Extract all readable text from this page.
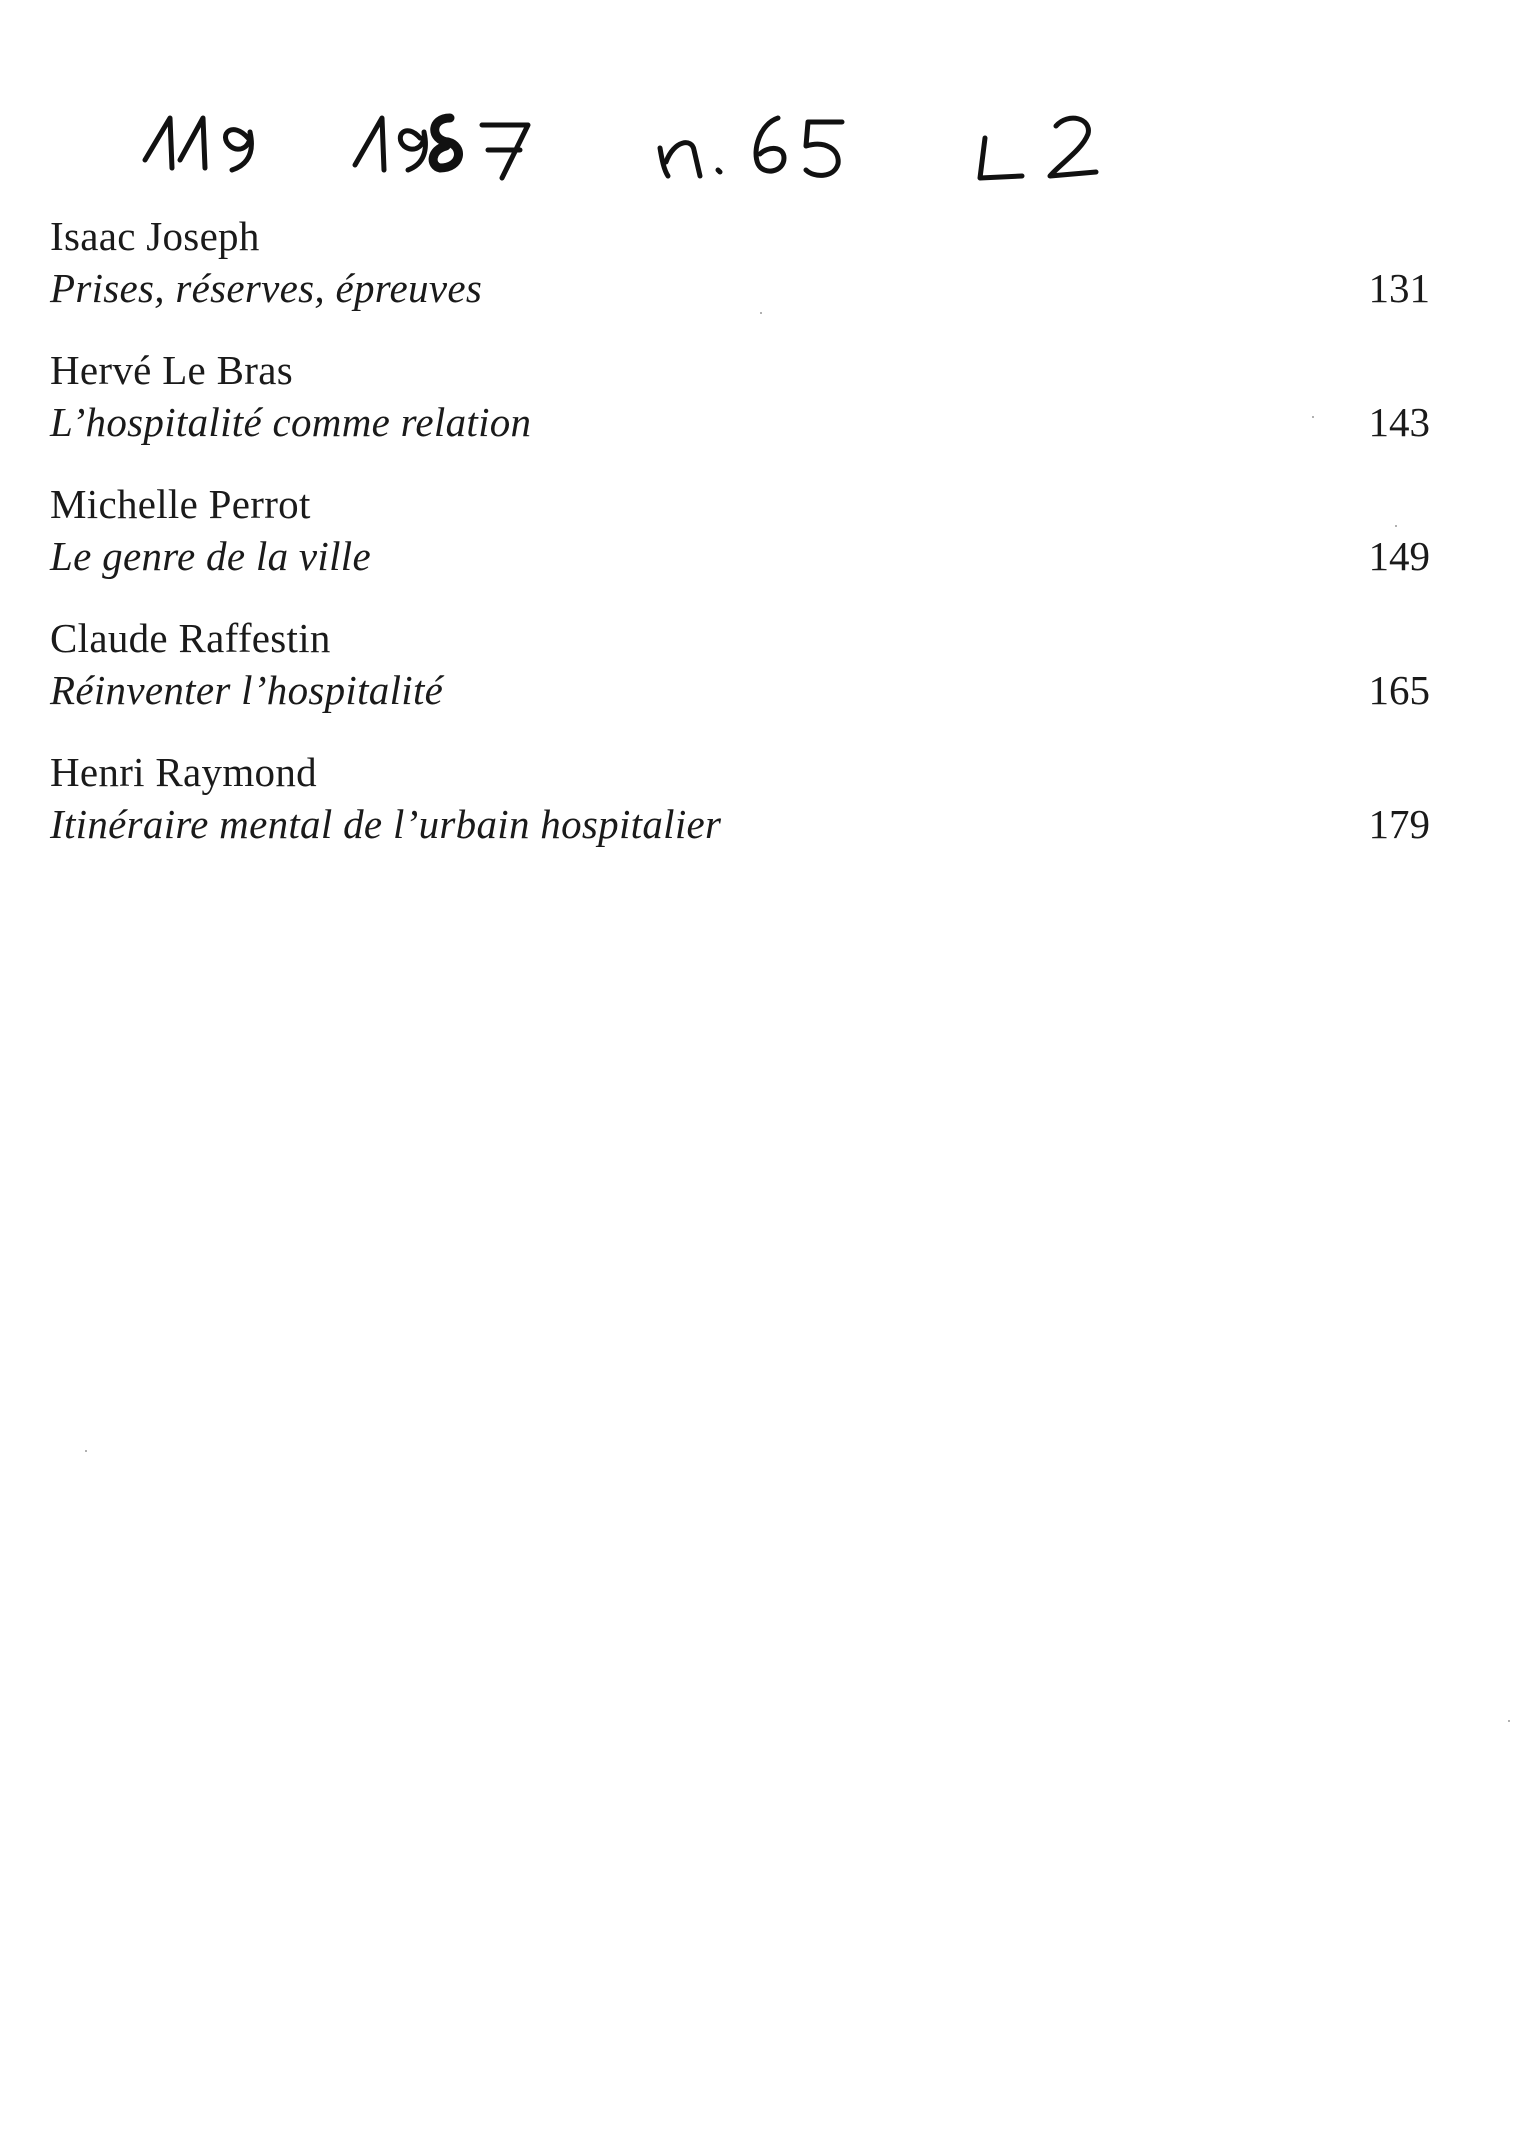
Isaac Joseph
Prises, réserves, épreuves	131
Hervé Le Bras
L’hospitalité comme relation	143
Michelle Perrot
Le genre de la ville	149
Claude Raffestin
Réinventer l’hospitalité	165
Henri Raymond
Itinéraire mental de l’urbain hospitalier	179
